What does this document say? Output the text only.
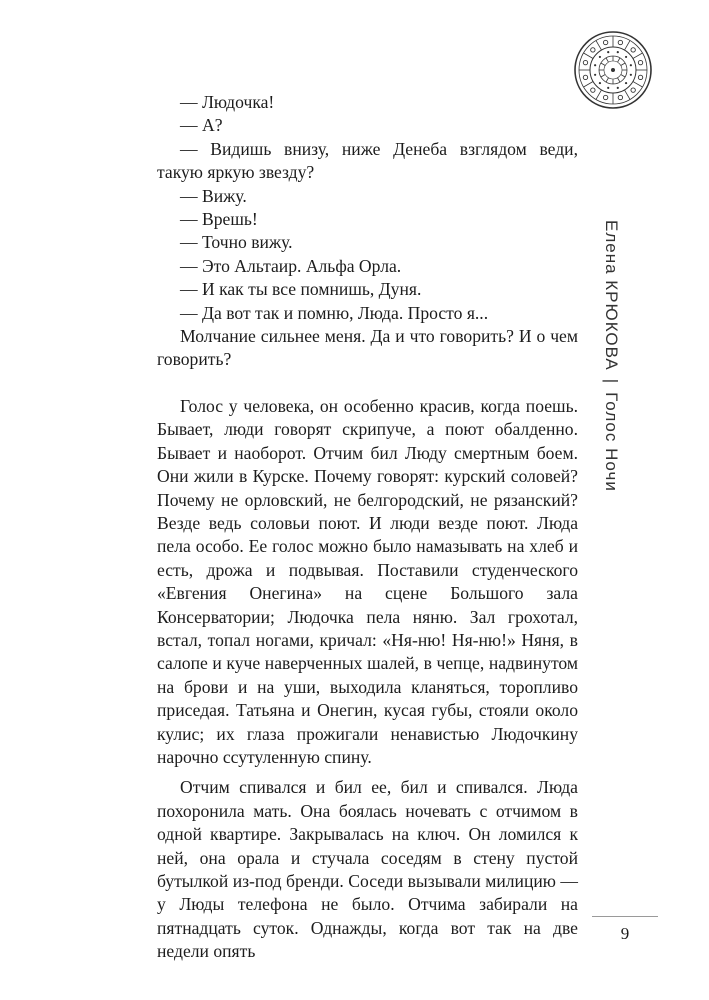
Елена КРЮКОВА|Голос Ночи

— Людочка!

— А?

— Видишь внизу, ниже Денеба взглядом веди, такую яркую звезду?

— Вижу.

— Врешь!

— Точно вижу.

— Это Альтаир. Альфа Орла.

— И как ты все помнишь, Дуня.

— Да вот так и помню, Люда. Просто я...

Молчание сильнее меня. Да и что говорить? И о чем говорить?

Голос у человека, он особенно красив, когда поешь. Бывает, люди говорят скрипуче, а поют обалденно. Бывает и наоборот. Отчим бил Люду смертным боем. Они жили в Курске. Почему говорят: курский соловей? Почему не орловский, не белгородский, не рязанский? Везде ведь соловьи поют. И люди везде поют. Люда пела особо. Ее голос можно было намазывать на хлеб и есть, дрожа и подвывая. Поставили студенческого «Евгения Онегина» на сцене Большого зала Консерватории; Людочка пела няню. Зал грохотал, встал, топал ногами, кричал: «Ня-ню! Ня-ню!» Няня, в салопе и куче наверченных шалей, в чепце, надвинутом на брови и на уши, выходила кланяться, торопливо приседая. Татьяна и Онегин, кусая губы, стояли около кулис; их глаза прожигали ненавистью Людочкину нарочно ссутуленную спину.

Отчим спивался и бил ее, бил и спивался. Люда похоронила мать. Она боялась ночевать с отчимом в одной квартире. Закрывалась на ключ. Он ломился к ней, она орала и стучала соседям в стену пустой бутылкой из-под бренди. Соседи вызывали милицию — у Люды телефона не было. Отчима забирали на пятнадцать суток. Однажды, когда вот так на две недели опять

9
